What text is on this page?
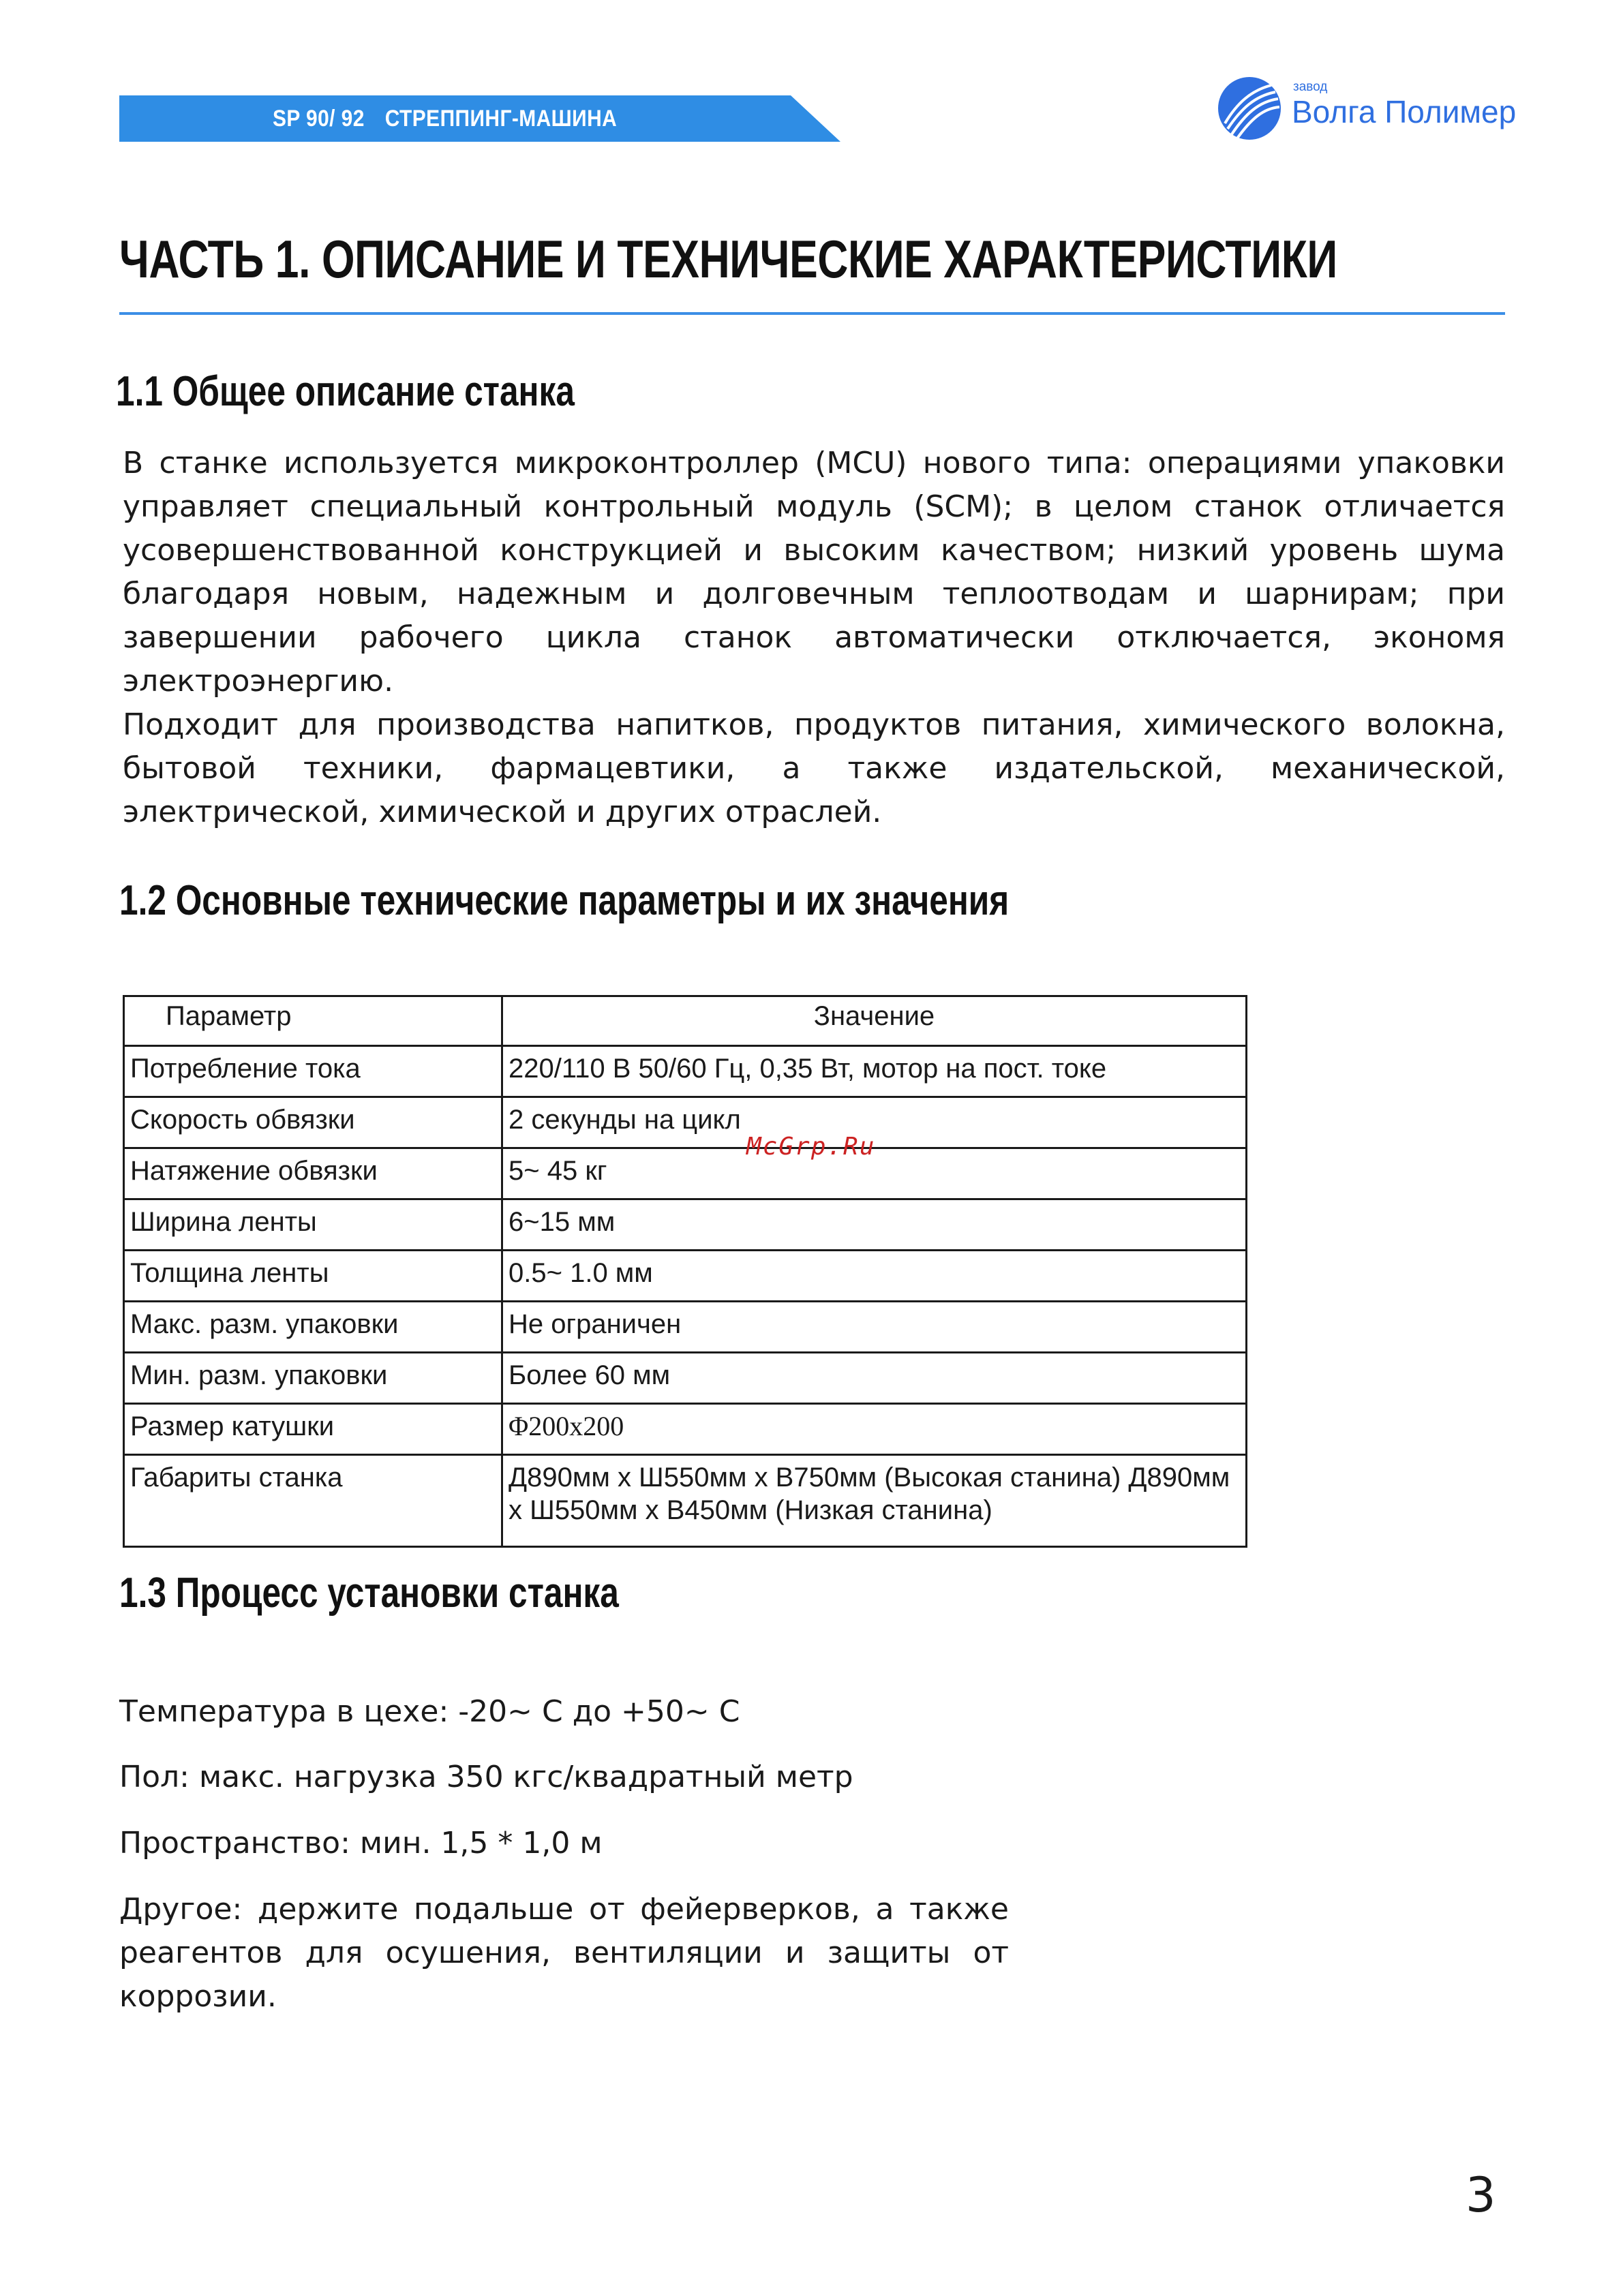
SP 90/ 92 СТРЕППИНГ-МАШИНА
завод
Волга Полимер
ЧАСТЬ 1. ОПИСАНИЕ И ТЕХНИЧЕСКИЕ ХАРАКТЕРИСТИКИ
1.1 Общее описание станка

В станке используется микроконтроллер (MCU) нового типа: операциями упаковки управляет специальный контрольный модуль (SCM); в целом станок отличается усовершенствованной конструкцией и высоким качеством; низкий уровень шума благодаря новым, надежным и долговечным теплоотводам и шарнирам; при завершении рабочего цикла станок автоматически отключается, экономя электроэнергию.

Подходит для производства напитков, продуктов питания, химического волокна, бытовой техники, фармацевтики, а также издательской, механической, электрической, химической и других отраслей.

1.2 Основные технические параметры и их значения
Параметр	Значение
Потребление тока	220/110 В 50/60 Гц, 0,35 Вт, мотор на пост. токе
Скорость обвязки	2 секунды на цикл
Натяжение обвязки	5~ 45 кг
Ширина ленты	6~15 мм
Толщина ленты	0.5~ 1.0 мм
Макс. разм. упаковки	Не ограничен
Мин. разм. упаковки	Более 60 мм
Размер катушки	Φ200x200
Габариты станка	Д890мм x Ш550мм x В750мм (Высокая станина) Д890мм x Ш550мм x В450мм (Низкая станина)
McGrp.Ru
1.3 Процесс установки станка

Температура в цехе: -20~ С до +50~ С

Пол: макс. нагрузка 350 кгс/квадратный метр

Пространство: мин. 1,5 * 1,0 м

Другое: держите подальше от фейерверков, а также реагентов для осушения, вентиляции и защиты от коррозии.

3
